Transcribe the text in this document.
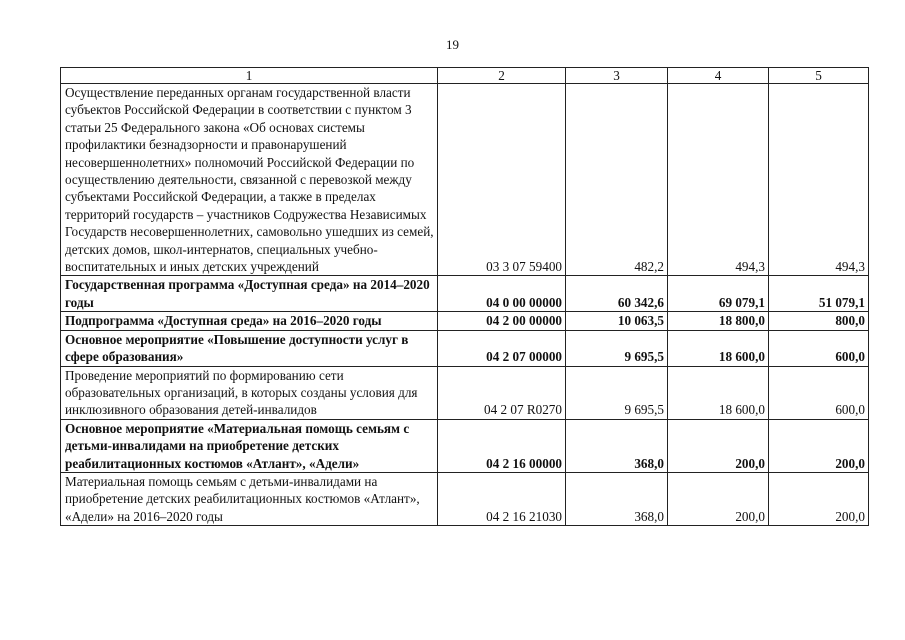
19
1	2	3	4	5
Осуществление переданных органам государственной власти субъектов Российской Федерации в соответствии с пунктом 3 статьи 25 Федерального закона «Об основах системы профилактики безнадзорности и правонарушений несовершеннолетних» полномочий Российской Федерации по осуществлению деятельности, связанной с перевозкой между субъектами Российской Федерации, а также в пределах территорий государств – участников Содружества Независимых Государств несовершеннолетних, самовольно ушедших из семей, детских домов, школ-интернатов, специальных учебно-воспитательных и иных детских учреждений	03 3 07 59400	482,2	494,3	494,3
Государственная программа «Доступная среда» на 2014–2020 годы	04 0 00 00000	60 342,6	69 079,1	51 079,1
Подпрограмма «Доступная среда» на 2016–2020 годы	04 2 00 00000	10 063,5	18 800,0	800,0
Основное мероприятие «Повышение доступности услуг в сфере образования»	04 2 07 00000	9 695,5	18 600,0	600,0
Проведение мероприятий по формированию сети образовательных организаций, в которых созданы условия для инклюзивного образования детей-инвалидов	04 2 07 R0270	9 695,5	18 600,0	600,0
Основное мероприятие «Материальная помощь семьям с детьми-инвалидами на приобретение детских реабилитационных костюмов «Атлант», «Адели»	04 2 16 00000	368,0	200,0	200,0
Материальная помощь семьям с детьми-инвалидами на приобретение детских реабилитационных костюмов «Атлант», «Адели» на 2016–2020 годы	04 2 16 21030	368,0	200,0	200,0
